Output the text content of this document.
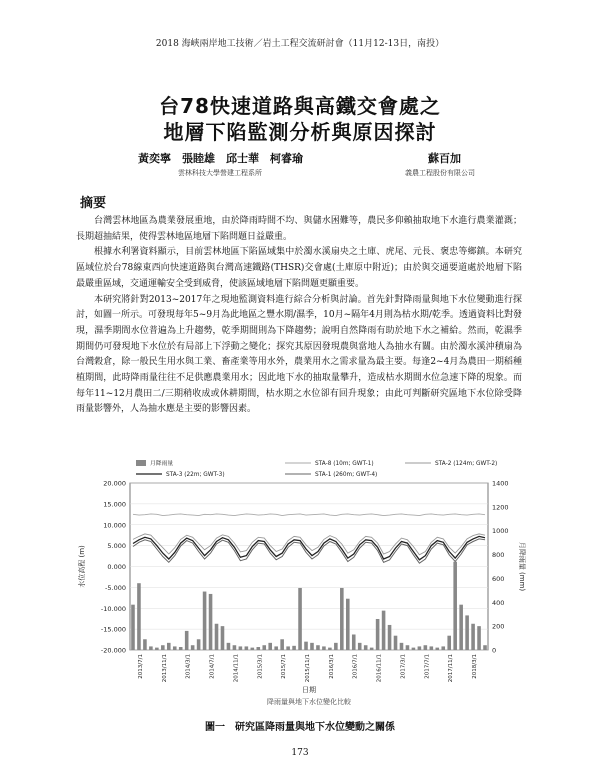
2018 海峽兩岸地工技術／岩土工程交流研討會（11月12-13日，南投）
台78快速道路與高鐵交會處之
地層下陷監測分析與原因探討
黃奕寧　張睦雄　邱士華　柯睿瑜	蘇百加
雲林科技大學營建工程系所	義農工程股份有限公司
摘要

台灣雲林地區為農業發展重地，由於降雨時間不均、與儲水困難等，農民多仰賴抽取地下水進行農業灌溉；長期超抽結果，使得雲林地區地層下陷問題日益嚴重。

根據水利署資料顯示，目前雲林地區下陷區域集中於濁水溪扇央之土庫、虎尾、元長、褒忠等鄉鎮。本研究區域位於台78線東西向快速道路與台灣高速鐵路(THSR)交會處(土庫原中附近)；由於與交通要道處於地層下陷最嚴重區域，交通運輸安全受到威脅，使該區域地層下陷問題更顯重要。

本研究將針對2013~2017年之現地監測資料進行綜合分析與討論。首先針對降雨量與地下水位變動進行探討，如圖一所示。可發現每年5~9月為此地區之豐水期/濕季，10月~隔年4月則為枯水期/乾季。透過資料比對發現，濕季期間水位普遍為上升趨勢，乾季期間則為下降趨勢；說明自然降雨有助於地下水之補給。然而，乾濕季期間仍可發現地下水位於有局部上下浮動之變化；探究其原因發現農與當地人為抽水有關。由於濁水溪沖積扇為台灣穀倉，除一般民生用水與工業、畜產業等用水外，農業用水之需求量為最主要。每逢2~4月為農田一期稻種植期間，此時降雨量往往不足供應農業用水；因此地下水的抽取量攀升，造成枯水期間水位急速下降的現象。而每年11~12月農田二/三期稍收成或休耕期間，枯水期之水位卻有回升現象；由此可判斷研究區地下水位除受降雨量影響外，人為抽水應是主要的影響因素。

20.000
15.000
10.000
5.000
0.000
-5.000
-10.000
-15.000
-20.000
1400
1200
1000
800
600
400
200
0
水位高程 (m)	月降雨量 (mm)
2013/7/1	2013/11/1	2014/3/1	2014/7/1	2014/11/1	2015/3/1	2015/7/1	2015/11/1	2016/3/1	2016/7/1	2016/11/1	2017/3/1	2017/7/1	2017/11/1	2018/3/1
日期
降雨量與地下水位變化比較
月降雨量	STA-8 (10m; GWT-1)	STA-2 (124m; GWT-2)
STA-3 (22m; GWT-3)	STA-1 (260m; GWT-4)
圖一　研究區降雨量與地下水位變動之關係
173
